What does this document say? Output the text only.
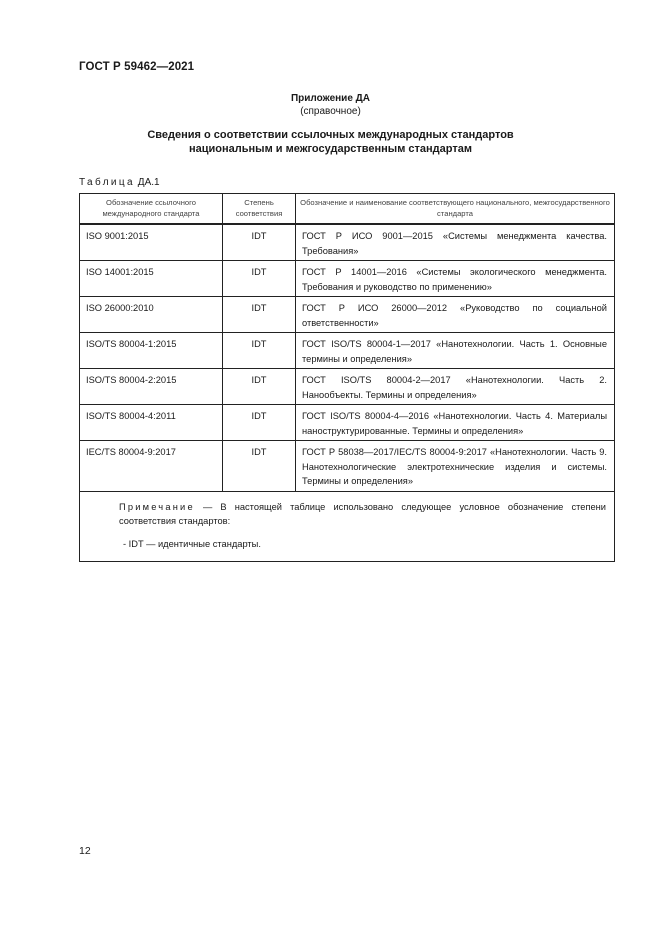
ГОСТ Р 59462—2021
Приложение ДА
(справочное)
Сведения о соответствии ссылочных международных стандартов
национальным и межгосударственным стандартам
Таблица ДА.1
Обозначение ссылочного международного стандарта	Степень соответствия	Обозначение и наименование соответствующего национального, межгосударственного стандарта
ISO 9001:2015	IDT	ГОСТ Р ИСО 9001—2015 «Системы менеджмента качества. Требования»
ISO 14001:2015	IDT	ГОСТ Р 14001—2016 «Системы экологического менеджмента. Требования и руководство по применению»
ISO 26000:2010	IDT	ГОСТ Р ИСО 26000—2012 «Руководство по социальной ответственности»
ISO/TS 80004-1:2015	IDT	ГОСТ ISO/TS 80004-1—2017 «Нанотехнологии. Часть 1. Основные термины и определения»
ISO/TS 80004-2:2015	IDT	ГОСТ ISO/TS 80004-2—2017 «Нанотехнологии. Часть 2. Нанообъекты. Термины и определения»
ISO/TS 80004-4:2011	IDT	ГОСТ ISO/TS 80004-4—2016 «Нанотехнологии. Часть 4. Материалы наноструктурированные. Термины и определения»
IEC/TS 80004-9:2017	IDT	ГОСТ Р 58038—2017/IEC/TS 80004-9:2017 «Нанотехнологии. Часть 9. Нанотехнологические электротехнические изделия и системы. Термины и определения»

Примечание — В настоящей таблице использовано следующее условное обозначение степени соответствия стандартов:

- IDT — идентичные стандарты.		

12
